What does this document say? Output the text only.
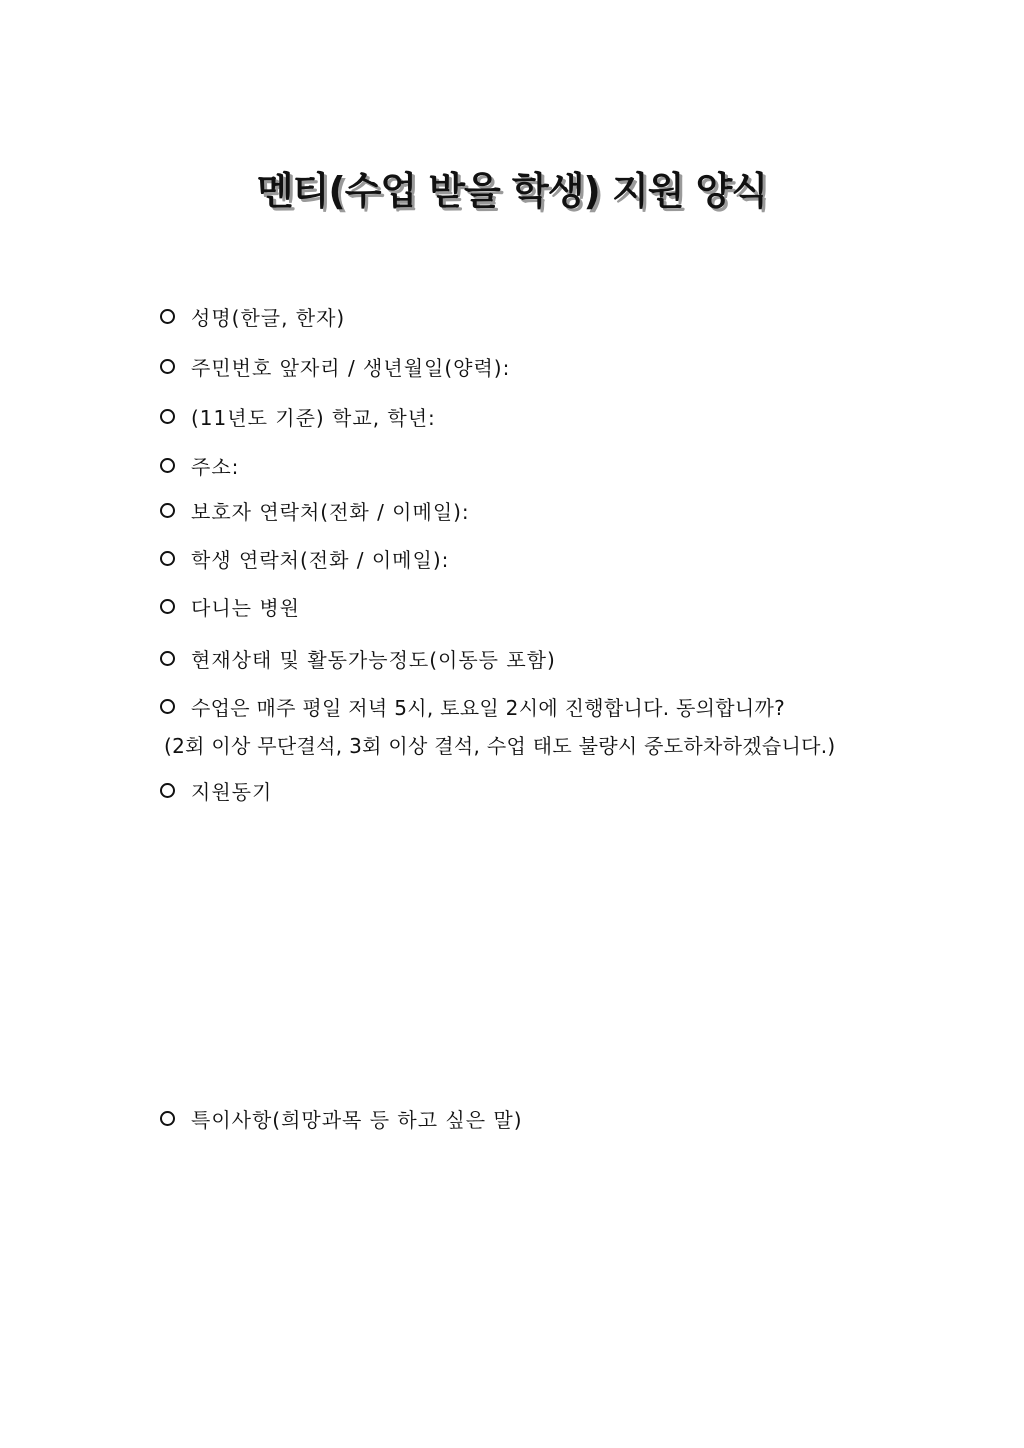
멘티(수업 받을 학생) 지원 양식
성명(한글, 한자)
주민번호 앞자리 / 생년월일(양력):
(11년도 기준) 학교, 학년:
주소:
보호자 연락처(전화 / 이메일):
학생 연락처(전화 / 이메일):
다니는 병원
현재상태 및 활동가능정도(이동등 포함)
수업은 매주 평일 저녁 5시, 토요일 2시에 진행합니다. 동의합니까?
(2회 이상 무단결석, 3회 이상 결석, 수업 태도 불량시 중도하차하겠습니다.)
지원동기
특이사항(희망과목 등 하고 싶은 말)
